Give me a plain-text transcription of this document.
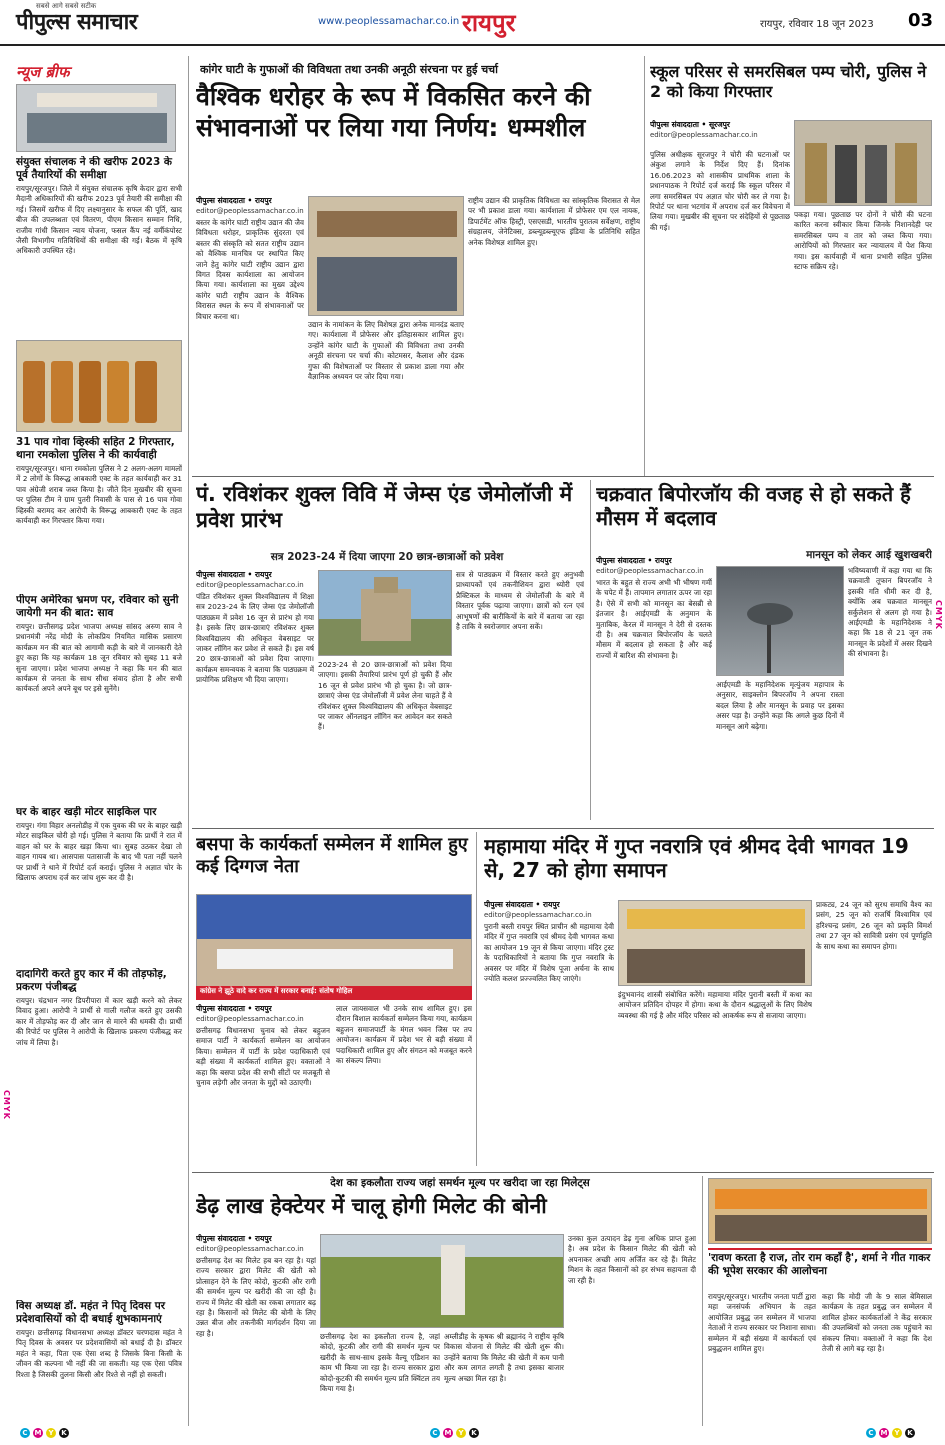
सबसे आगे सबसे सटीक
पीपुल्स समाचार	www.peoplessamachar.co.in रायपुर	रायपुर, रविवार 18 जून 2023 03
न्यूज ब्रीफ
संयुक्त संचालक ने की खरीफ 2023 के पूर्व तैयारियों की समीक्षा
रायपुर/सूरजपुर। जिले में संयुक्त संचालक कृषि केदार द्वारा सभी मैदानी अधिकारियों की खरीफ 2023 पूर्व तैयारी की समीक्षा की गई। जिसमें खरीफ में दिए लक्ष्यानुसार के सफल की पूर्ति, खाद बीज की उपलब्धता एवं वितरण, पीएम किसान सम्मान निधि, राजीव गांधी किसान न्याय योजना, फसल कैंप नई वर्मीकंपोस्ट जैसी विभागीय गतिविधियों की समीक्षा की गई। बैठक में कृषि अधिकारी उपस्थित रहे।
31 पाव गोवा व्हिस्की सहित 2 गिरफ्तार, थाना रमकोला पुलिस ने की कार्यवाही
रायपुर/सूरजपुर। थाना रमकोला पुलिस ने 2 अलग-अलग मामलों में 2 लोगों के विरूद्ध आबकारी एक्ट के तहत कार्यवाही कर 31 पाव अंग्रेजी शराब जब्त किया है। जीते दिन मुखबीर की सूचना पर पुलिस टीम ने ग्राम पुतरी निवासी के पास से 16 पाव गोवा व्हिस्की बरामद कर आरोपी के विरूद्ध आबकारी एक्ट के तहत कार्यवाही कर गिरफ्तार किया गया।
पीएम अमेरिका भ्रमण पर, रविवार को सुनी जायेगी मन की बात: साव
रायपुर। छत्तीसगढ़ प्रदेश भाजपा अध्यक्ष सांसद अरुण साव ने प्रधानमंत्री नरेंद्र मोदी के लोकप्रिय नियमित मासिक प्रसारण कार्यक्रम मन की बात को आगामी कड़ी के बारे में जानकारी देते हुए कहा कि यह कार्यक्रम 18 जून रविवार को सुबह 11 बजे सुना जाएगा। प्रदेश भाजपा अध्यक्ष ने कहा कि मन की बात कार्यक्रम से जनता के साथ सीधा संवाद होता है और सभी कार्यकर्ता अपने अपने बूथ पर इसे सुनेंगे।
घर के बाहर खड़ी मोटर साइकिल पार
रायपुर। गंगा विहार अनलोडीह में एक युवक की घर के बाहर खड़ी मोटर साइकिल चोरी हो गई। पुलिस ने बताया कि प्रार्थी ने रात में वाहन को घर के बाहर खड़ा किया था। सुबह उठकर देखा तो वाहन गायब था। आसपास पतासाजी के बाद भी पता नहीं चलने पर प्रार्थी ने थाने में रिपोर्ट दर्ज कराई। पुलिस ने अज्ञात चोर के खिलाफ अपराध दर्ज कर जांच शुरू कर दी है।
दादागिरी करते हुए कार में की तोड़फोड़, प्रकरण पंजीबद्ध
रायपुर। चंद्रभान नगर डिपरीपारा में कार खड़ी करने को लेकर विवाद हुआ। आरोपी ने प्रार्थी से गाली गलौज करते हुए उसकी कार में तोड़फोड़ कर दी और जान से मारने की धमकी दी। प्रार्थी की रिपोर्ट पर पुलिस ने आरोपी के खिलाफ प्रकरण पंजीबद्ध कर जांच में लिया है।
विस अध्यक्ष डॉ. महंत ने पितृ दिवस पर प्रदेशवासियों को दी बधाई शुभकामनाएं
रायपुर। छत्तीसगढ़ विधानसभा अध्यक्ष डॉक्टर चरणदास महंत ने पितृ दिवस के अवसर पर प्रदेशवासियों को बधाई दी है। डॉक्टर महंत ने कहा, पिता एक ऐसा शब्द है जिसके बिना किसी के जीवन की कल्पना भी नहीं की जा सकती। यह एक ऐसा पवित्र रिश्ता है जिसकी तुलना किसी और रिश्ते से नहीं हो सकती।
कांगेर घाटी के गुफाओं की विविधता तथा उनकी अनूठी संरचना पर हुई चर्चा
वैश्विक धरोहर के रूप में विकसित करने की संभावनाओं पर लिया गया निर्णय: धम्मशील
पीपुल्स संवाददाता • रायपुर
editor@peoplessamachar.co.in
बस्तर के कांगेर घाटी राष्ट्रीय उद्यान की जैव विविधता धरोहर, प्राकृतिक सुंदरता एवं बस्तर की संस्कृति को सतत राष्ट्रीय उद्यान को वैश्विक मानचित्र पर स्थापित किए जाने हेतु कांगेर घाटी राष्ट्रीय उद्यान द्वारा विगत दिवस कार्यशाला का आयोजन किया गया। कार्यशाला का मुख्य उद्देश्य कांगेर घाटी राष्ट्रीय उद्यान के वैश्विक विरासत स्थल के रूप में संभावनाओं पर विचार करना था।
उद्यान के नामांकन के लिए विशेषज्ञ द्वारा अनेक मानदंड बताए गए। कार्यशाला में प्रोफेसर और इतिहासकार शामिल हुए। उन्होंने कांगेर घाटी के गुफाओं की विविधता तथा उनकी अनूठी संरचना पर चर्चा की। कोटमसर, कैलाश और दंडक गुफा की विशेषताओं पर विस्तार से प्रकाश डाला गया और वैज्ञानिक अध्ययन पर जोर दिया गया।
राष्ट्रीय उद्यान की प्राकृतिक विविधता का सांस्कृतिक विरासत से मेल पर भी प्रकाश डाला गया। कार्यशाला में प्रोफेसर एम एल नायक, डिपार्टमेंट ऑफ हिस्ट्री, एसएसडी, भारतीय पुरातत्व सर्वेक्षण, राष्ट्रीय संग्रहालय, जेनेटिक्स, डब्ल्यूडब्ल्यूएफ इंडिया के प्रतिनिधि सहित अनेक विशेषज्ञ शामिल हुए।
स्कूल परिसर से समरसिबल पम्प चोरी, पुलिस ने 2 को किया गिरफ्तार
पीपुल्स संवाददाता • सूरजपुर
editor@peoplessamachar.co.in
पुलिस अधीक्षक सूरजपुर ने चोरी की घटनाओं पर अंकुश लगाने के निर्देश दिए हैं। दिनांक 16.06.2023 को शासकीय प्राथमिक शाला के प्रधानपाठक ने रिपोर्ट दर्ज कराई कि स्कूल परिसर में लगा समरसिबल पंप अज्ञात चोर चोरी कर ले गया है। रिपोर्ट पर थाना भटगांव में अपराध दर्ज कर विवेचना में लिया गया। मुखबीर की सूचना पर संदेहियों से पूछताछ की गई।
पकड़ा गया। पूछताछ पर दोनों ने चोरी की घटना कारित करना स्वीकार किया जिनके निशानदेही पर समरसिबल पम्प व तार को जब्त किया गया। आरोपियों को गिरफ्तार कर न्यायालय में पेश किया गया। इस कार्यवाही में थाना प्रभारी सहित पुलिस स्टाफ सक्रिय रहे।
पं. रविशंकर शुक्ल विवि में जेम्स एंड जेमोलॉजी में प्रवेश प्रारंभ
सत्र 2023-24 में दिया जाएगा 20 छात्र-छात्राओं को प्रवेश
पीपुल्स संवाददाता • रायपुर
editor@peoplessamachar.co.in
पंडित रविशंकर शुक्ल विश्वविद्यालय में शिक्षा सत्र 2023-24 के लिए जेम्स एंड जेमोलॉजी पाठ्यक्रम में प्रवेश 16 जून से प्रारंभ हो गया है। इसके लिए छात्र-छात्राएं रविशंकर शुक्ल विश्वविद्यालय की अधिकृत वेबसाइट पर जाकर लॉगिन कर प्रवेश ले सकते हैं। इस वर्ष 20 छात्र-छात्राओं को प्रवेश दिया जाएगा। कार्यक्रम समन्वयक ने बताया कि पाठ्यक्रम में प्रायोगिक प्रशिक्षण भी दिया जाएगा।
2023-24 से 20 छात्र-छात्राओं को प्रवेश दिया जाएगा। इसकी तैयारियां प्रारंभ पूर्ण हो चुकी हैं और 16 जून से प्रवेश प्रारंभ भी हो चुका है। जो छात्र-छात्राएं जेम्स एंड जेमोलॉजी में प्रवेश लेना चाहते हैं वे रविशंकर शुक्ल विश्वविद्यालय की अधिकृत वेबसाइट पर जाकर ऑनलाइन लॉगिन कर आवेदन कर सकते हैं।
सत्र से पाठ्यक्रम में विस्तार करते हुए अनुभवी प्राध्यापकों एवं तकनीशियन द्वारा थ्योरी एवं प्रैक्टिकल के माध्यम से जेमोलॉजी के बारे में विस्तार पूर्वक पढ़ाया जाएगा। छात्रों को रत्न एवं आभूषणों की बारीकियों के बारे में बताया जा रहा है ताकि वे स्वरोजगार अपना सकें।
चक्रवात बिपोरजॉय की वजह से हो सकते हैं मौसम में बदलाव
मानसून को लेकर आई खुशखबरी
पीपुल्स संवाददाता • रायपुर
editor@peoplessamachar.co.in
भारत के बहुत से राज्य अभी भी भीषण गर्मी के चपेट में हैं। तापमान लगातार ऊपर जा रहा है। ऐसे में सभी को मानसून का बेसब्री से इंतजार है। आईएमडी के अनुमान के मुताबिक, केरल में मानसून ने देरी से दस्तक दी है। अब चक्रवात बिपोरजॉय के चलते मौसम में बदलाव हो सकता है और कई राज्यों में बारिश की संभावना है।
आईएमडी के महानिदेशक मृत्युंजय महापात्र के अनुसार, साइक्लोन बिपरजॉय ने अपना रास्ता बदल लिया है और मानसून के प्रवाह पर इसका असर पड़ा है। उन्होंने कहा कि अगले कुछ दिनों में मानसून आगे बढ़ेगा।
भविष्यवाणी में कहा गया था कि चक्रवाती तूफान बिपरजॉय ने इसकी गति धीमी कर दी है, क्योंकि अब चक्रवात मानसून सर्कुलेशन से अलग हो गया है। आईएमडी के महानिदेशक ने कहा कि 18 से 21 जून तक मानसून के प्रदेशों में असर दिखने की संभावना है।
बसपा के कार्यकर्ता सम्मेलन में शामिल हुए कई दिग्गज नेता
कांग्रेस ने झूठे वादे कर राज्य में सरकार बनाई: संतोष गोहिल
पीपुल्स संवाददाता • रायपुर
editor@peoplessamachar.co.in
छत्तीसगढ़ विधानसभा चुनाव को लेकर बहुजन समाज पार्टी ने कार्यकर्ता सम्मेलन का आयोजन किया। सम्मेलन में पार्टी के प्रदेश पदाधिकारी एवं बड़ी संख्या में कार्यकर्ता शामिल हुए। वक्ताओं ने कहा कि बसपा प्रदेश की सभी सीटों पर मजबूती से चुनाव लड़ेगी और जनता के मुद्दों को उठाएगी।
लाल जायसवाल भी उनके साथ शामिल हुए। इस दौरान विशाल कार्यकर्ता सम्मेलन किया गया, कार्यक्रम बहुजन समाजपार्टी के मंगल भवन जिस पर तप आयोजन। कार्यक्रम में प्रदेश भर से बड़ी संख्या में पदाधिकारी शामिल हुए और संगठन को मजबूत करने का संकल्प लिया।
महामाया मंदिर में गुप्त नवरात्रि एवं श्रीमद देवी भागवत 19 से, 27 को होगा समापन
पीपुल्स संवाददाता • रायपुर
editor@peoplessamachar.co.in
पुरानी बस्ती रायपुर स्थित प्राचीन श्री महामाया देवी मंदिर में गुप्त नवरात्रि एवं श्रीमद देवी भागवत कथा का आयोजन 19 जून से किया जाएगा। मंदिर ट्रस्ट के पदाधिकारियों ने बताया कि गुप्त नवरात्रि के अवसर पर मंदिर में विशेष पूजा अर्चना के साथ ज्योति कलश प्रज्ज्वलित किए जाएंगे।
इंदुभवानंद शास्त्री संबोधित करेंगे। महामाया मंदिर पुरानी बस्ती में कथा का आयोजन प्रतिदिन दोपहर में होगा। कथा के दौरान श्रद्धालुओं के लिए विशेष व्यवस्था की गई है और मंदिर परिसर को आकर्षक रूप से सजाया जाएगा।
प्राकट्य, 24 जून को सुरथ समाधि वैश्य का प्रसंग, 25 जून को राजर्षि विश्वामित्र एवं हरिश्चन्द्र प्रसंग, 26 जून को प्रकृति विमर्श तथा 27 जून को सावित्री प्रसंग एवं पूर्णाहुति के साथ कथा का समापन होगा।
देश का इकलौता राज्य जहां समर्थन मूल्य पर खरीदा जा रहा मिलेट्स
डेढ़ लाख हेक्टेयर में चालू होगी मिलेट की बोनी
पीपुल्स संवाददाता • रायपुर
editor@peoplessamachar.co.in
छत्तीसगढ़ देश का मिलेट हब बन रहा है। यहां राज्य सरकार द्वारा मिलेट की खेती को प्रोत्साहन देने के लिए कोदो, कुटकी और रागी की समर्थन मूल्य पर खरीदी की जा रही है। राज्य में मिलेट की खेती का रकबा लगातार बढ़ रहा है। किसानों को मिलेट की बोनी के लिए उन्नत बीज और तकनीकी मार्गदर्शन दिया जा रहा है।	छत्तीसगढ़ देश का इकलौता राज्य है, जहां कोदो, कुटकी और रागी की समर्थन मूल्य पर खरीदी के साथ-साथ इसके वैल्यू एडिशन का काम भी किया जा रहा है। राज्य सरकार द्वारा कोदो-कुटकी की समर्थन मूल्य प्रति क्विंटल तय किया गया है।
अम्लीडीह के कृषक श्री ब्रह्मानंद ने राष्ट्रीय कृषि विकास योजना से मिलेट की खेती शुरू की। उन्होंने बताया कि मिलेट की खेती में कम पानी और कम लागत लगती है तथा इसका बाजार मूल्य अच्छा मिल रहा है।
उनका कुल उत्पादन डेढ़ गुना अधिक प्राप्त हुआ है। अब प्रदेश के किसान मिलेट की खेती को अपनाकर अच्छी आय अर्जित कर रहे हैं। मिलेट मिशन के तहत किसानों को हर संभव सहायता दी जा रही है।
'रावण करता है राज, तोर राम कहाँ है', शर्मा ने गीत गाकर की भूपेश सरकार की आलोचना
रायपुर/सूरजपुर। भारतीय जनता पार्टी द्वारा महा जनसंपर्क अभियान के तहत आयोजित प्रबुद्ध जन सम्मेलन में भाजपा नेताओं ने राज्य सरकार पर निशाना साधा। सम्मेलन में बड़ी संख्या में कार्यकर्ता एवं प्रबुद्धजन शामिल हुए।
कहा कि मोदी जी के 9 साल बेमिसाल कार्यक्रम के तहत प्रबुद्ध जन सम्मेलन में शामिल होकर कार्यकर्ताओं ने केंद्र सरकार की उपलब्धियों को जनता तक पहुंचाने का संकल्प लिया। वक्ताओं ने कहा कि देश तेजी से आगे बढ़ रहा है।
C M Y	K	C M Y	K	C M Y	K
CMYK
CMYK
